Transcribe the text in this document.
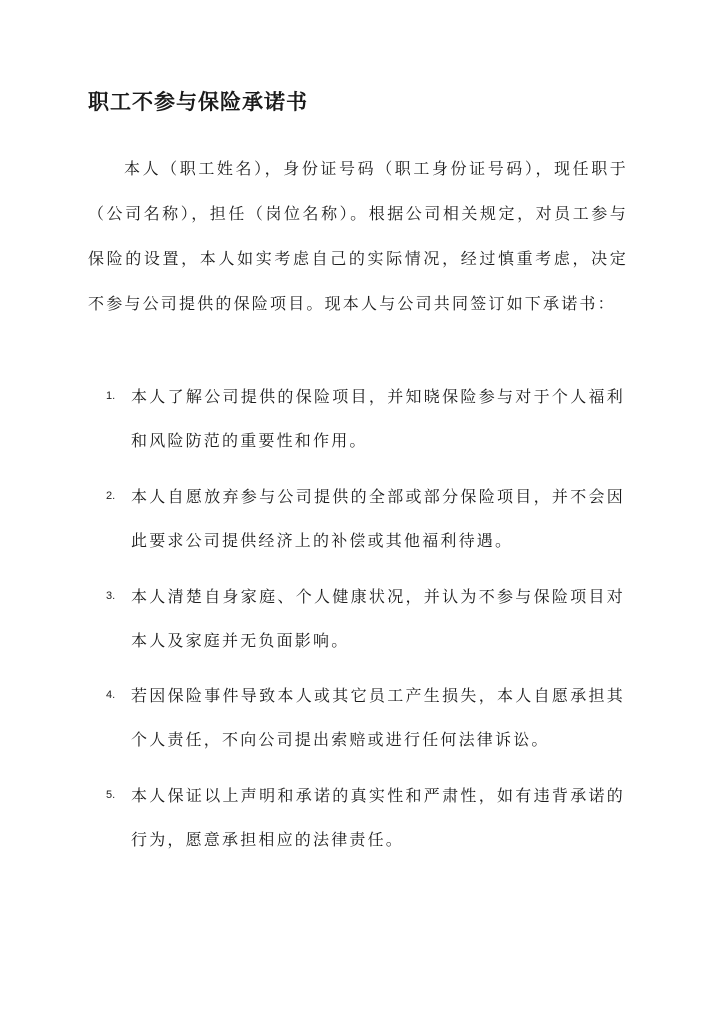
职工不参与保险承诺书

本人（职工姓名），身份证号码（职工身份证号码），现任职于（公司名称），担任（岗位名称）。根据公司相关规定，对员工参与保险的设置，本人如实考虑自己的实际情况，经过慎重考虑，决定不参与公司提供的保险项目。现本人与公司共同签订如下承诺书：

1. 本人了解公司提供的保险项目，并知晓保险参与对于个人福利和风险防范的重要性和作用。
2. 本人自愿放弃参与公司提供的全部或部分保险项目，并不会因此要求公司提供经济上的补偿或其他福利待遇。
3. 本人清楚自身家庭、个人健康状况，并认为不参与保险项目对本人及家庭并无负面影响。
4. 若因保险事件导致本人或其它员工产生损失，本人自愿承担其个人责任，不向公司提出索赔或进行任何法律诉讼。
5. 本人保证以上声明和承诺的真实性和严肃性，如有违背承诺的行为，愿意承担相应的法律责任。
